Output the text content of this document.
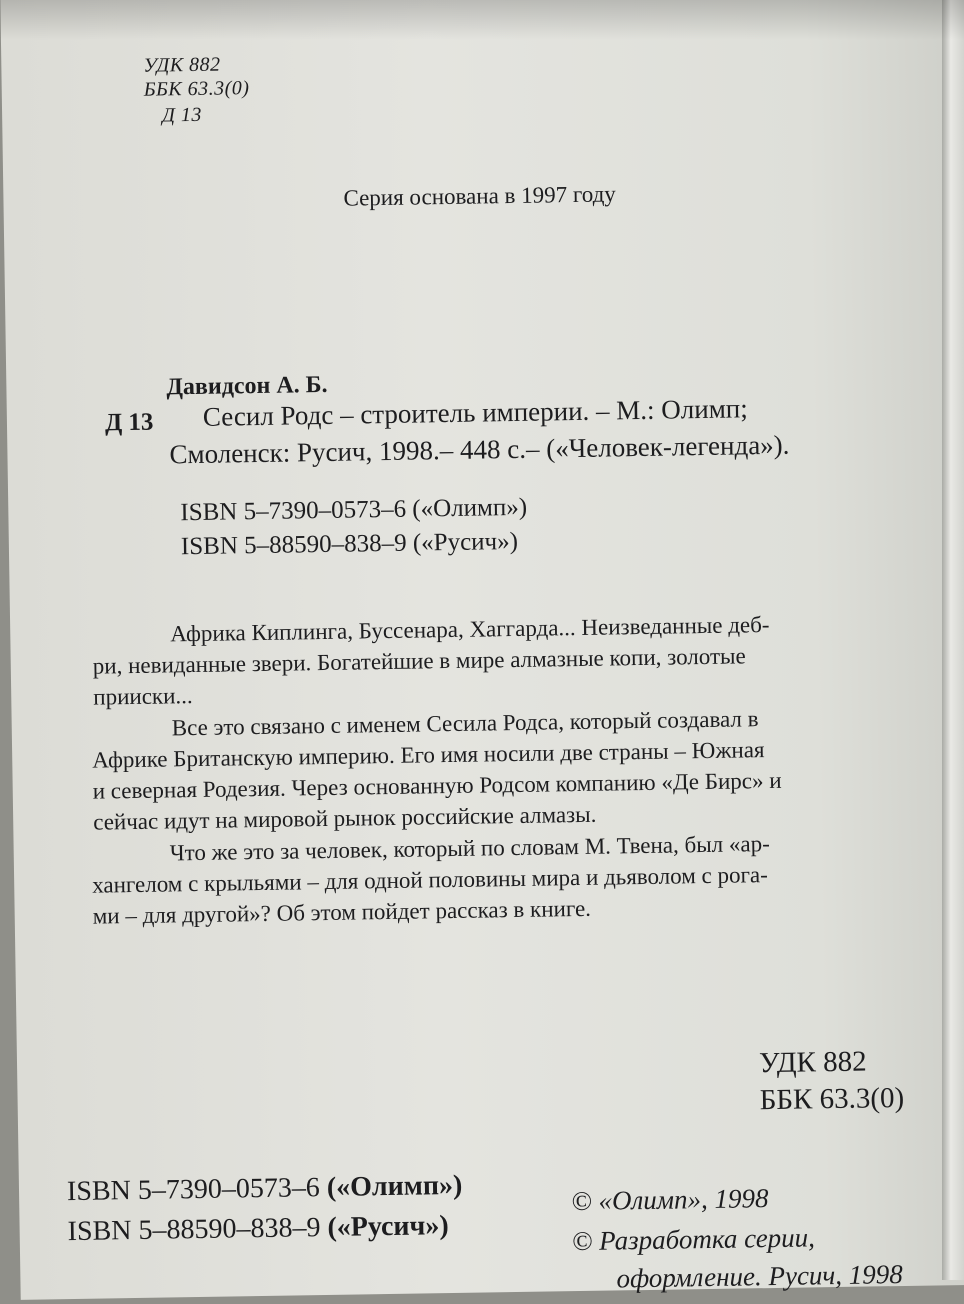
УДК 882

ББК 63.3(0)

Д 13

Серия основана в 1997 году

Давидсон А. Б.

Д 13 Сесил Родс – строитель империи. – М.: Олимп;

Смоленск: Русич, 1998.– 448 с.– («Человек-легенда»).

ISBN 5–7390–0573–6 («Олимп»)

ISBN 5–88590–838–9 («Русич»)

Африка Киплинга, Буссенара, Хаггарда... Неизведанные деб-

ри, невиданные звери. Богатейшие в мире алмазные копи, золотые

прииски...

Все это связано с именем Сесила Родса, который создавал в

Африке Британскую империю. Его имя носили две страны – Южная

и северная Родезия. Через основанную Родсом компанию «Де Бирс» и

сейчас идут на мировой рынок российские алмазы.

Что же это за человек, который по словам М. Твена, был «ар-

хангелом с крыльями – для одной половины мира и дьяволом с рога-

ми – для другой»? Об этом пойдет рассказ в книге.

УДК 882

ББК 63.3(0)

ISBN 5–7390–0573–6 («Олимп»)

ISBN 5–88590–838–9 («Русич»)

© «Олимп», 1998

© Разработка серии,

оформление. Русич, 1998
